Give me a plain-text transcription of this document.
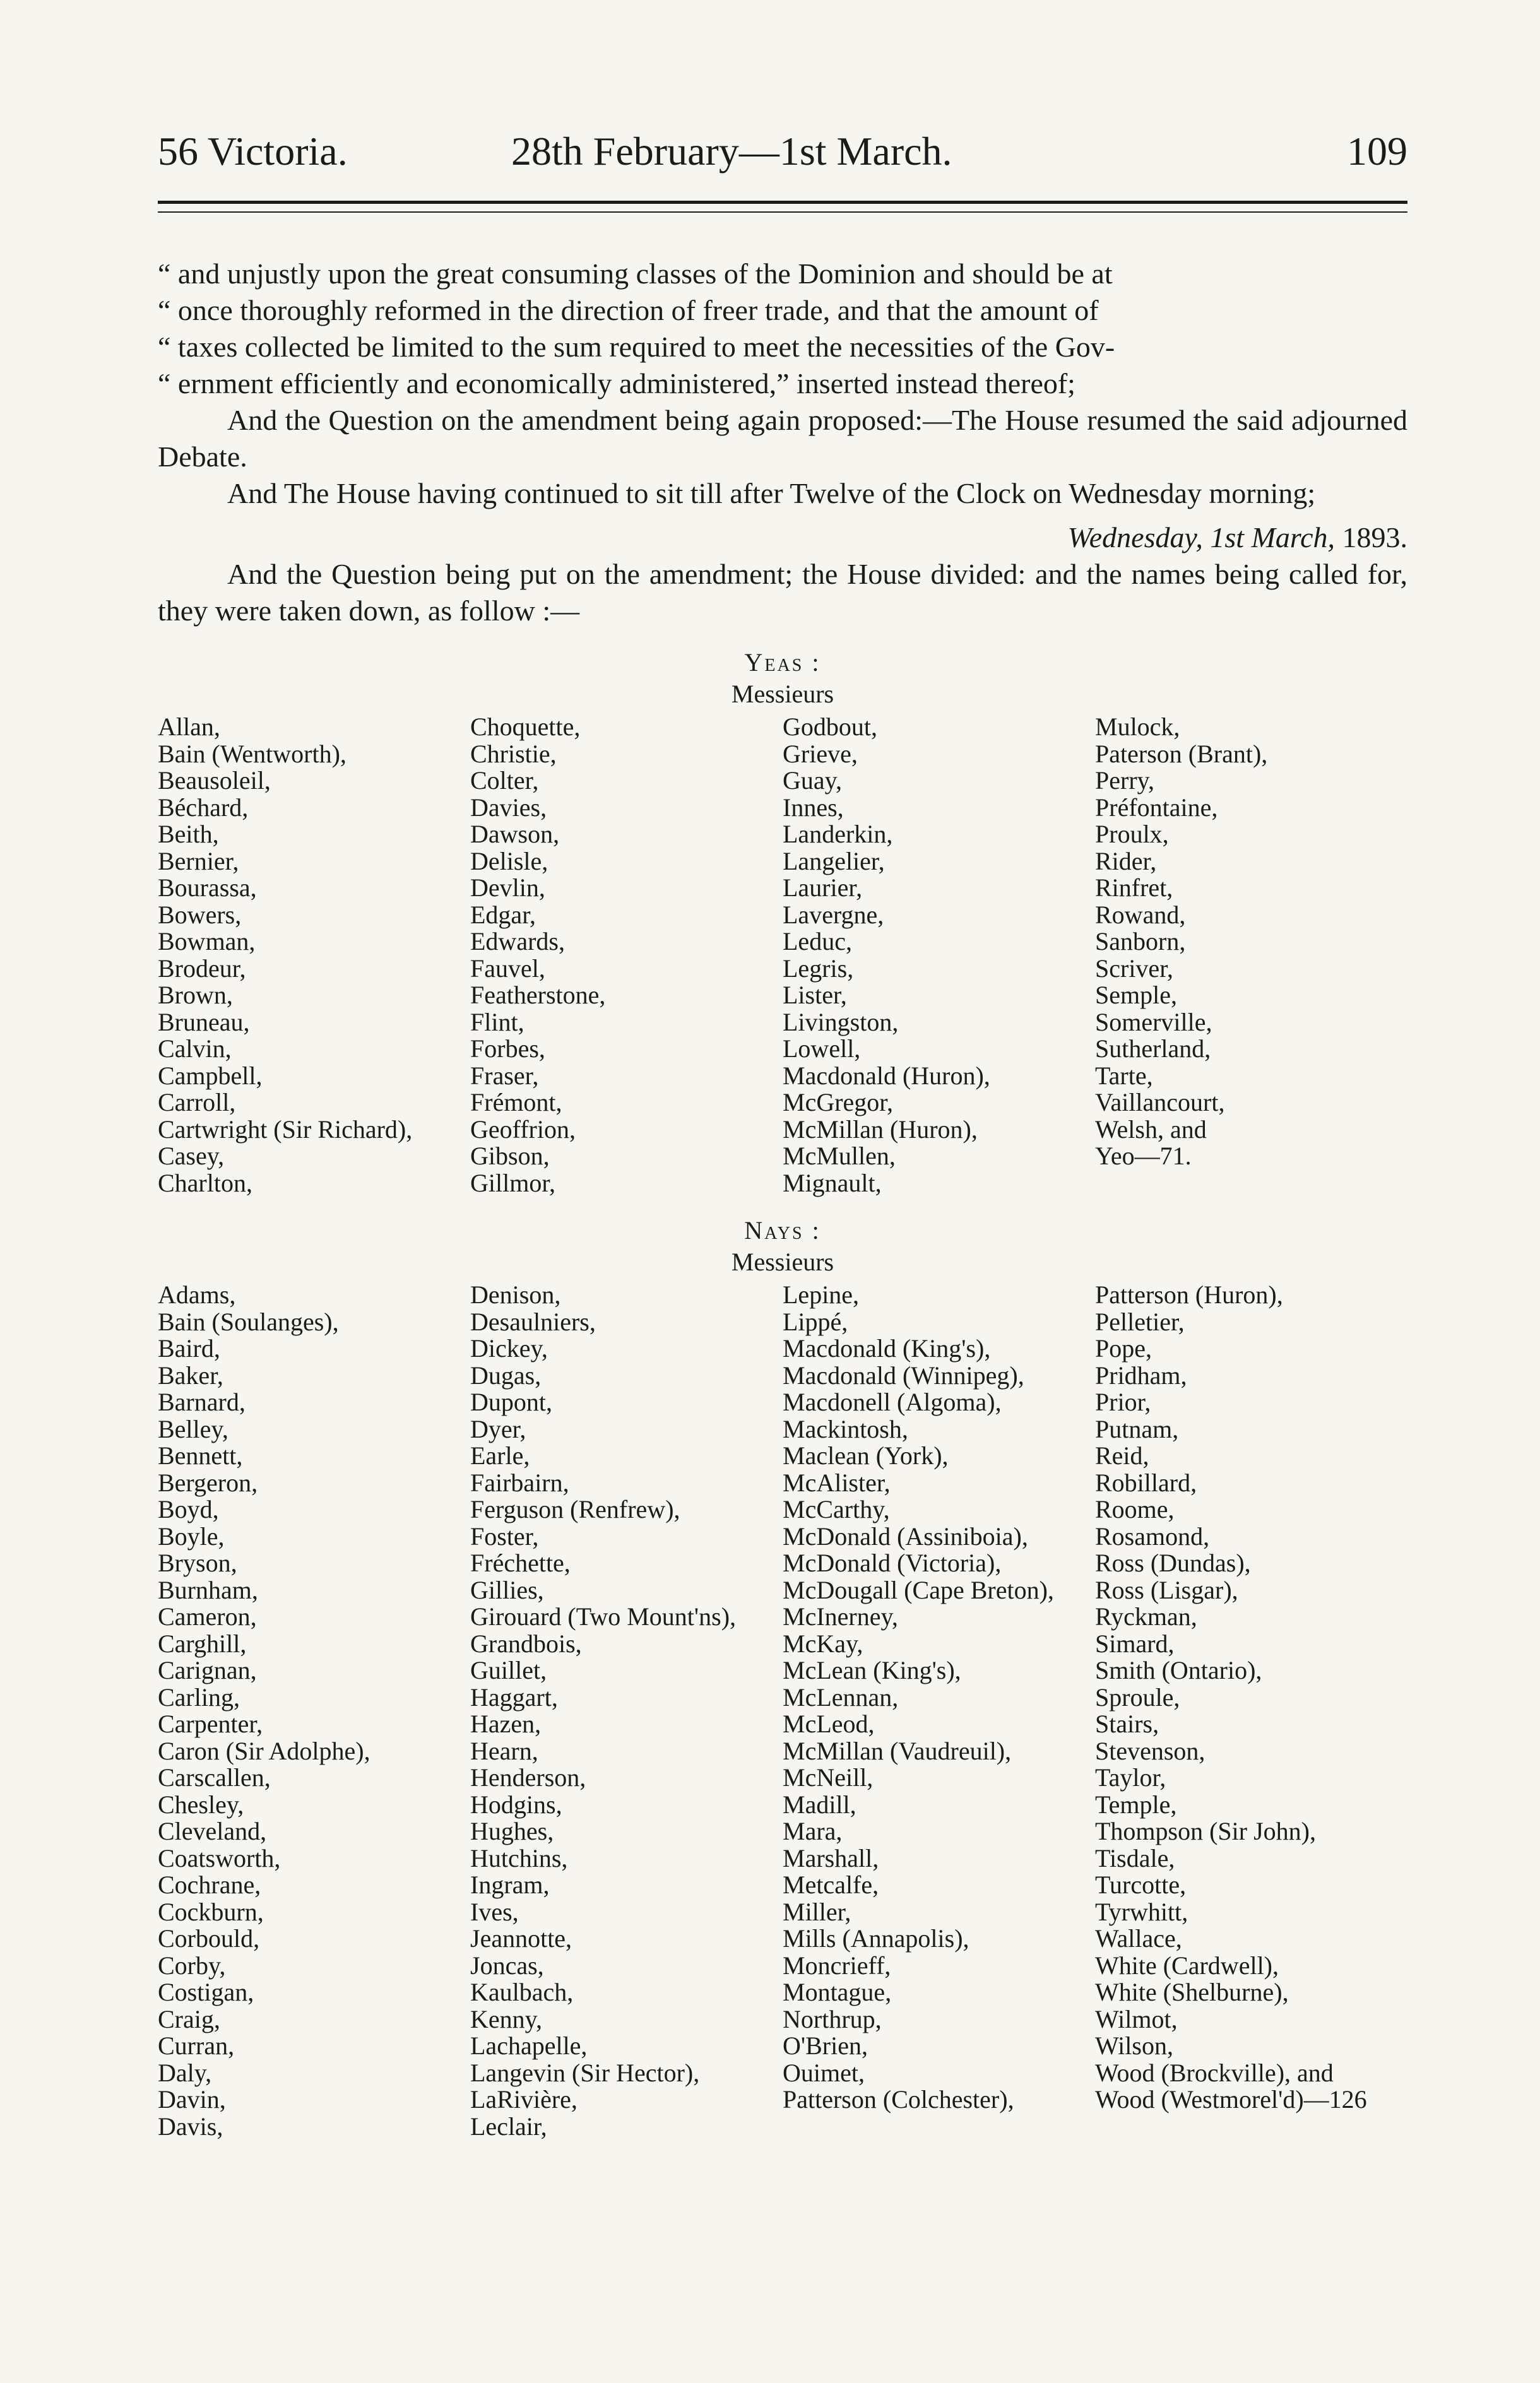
56 Victoria.	28th February—1st March.	109

“ and unjustly upon the great consuming classes of the Dominion and should be at

“ once thoroughly reformed in the direction of freer trade, and that the amount of

“ taxes collected be limited to the sum required to meet the necessities of the Gov-

“ ernment efficiently and economically administered,” inserted instead thereof;

And the Question on the amendment being again proposed:—The House resumed the said adjourned Debate.

And The House having continued to sit till after Twelve of the Clock on Wednesday morning;

Wednesday, 1st March, 1893.

And the Question being put on the amendment; the House divided: and the names being called for, they were taken down, as follow :—

Yeas :

Messieurs

Allan,
Bain (Wentworth),
Beausoleil,
Béchard,
Beith,
Bernier,
Bourassa,
Bowers,
Bowman,
Brodeur,
Brown,
Bruneau,
Calvin,
Campbell,
Carroll,
Cartwright (Sir Richard),
Casey,
Charlton,
Choquette,
Christie,
Colter,
Davies,
Dawson,
Delisle,
Devlin,
Edgar,
Edwards,
Fauvel,
Featherstone,
Flint,
Forbes,
Fraser,
Frémont,
Geoffrion,
Gibson,
Gillmor,
Godbout,
Grieve,
Guay,
Innes,
Landerkin,
Langelier,
Laurier,
Lavergne,
Leduc,
Legris,
Lister,
Livingston,
Lowell,
Macdonald (Huron),
McGregor,
McMillan (Huron),
McMullen,
Mignault,
Mulock,
Paterson (Brant),
Perry,
Préfontaine,
Proulx,
Rider,
Rinfret,
Rowand,
Sanborn,
Scriver,
Semple,
Somerville,
Sutherland,
Tarte,
Vaillancourt,
Welsh, and
Yeo—71.

Nays :

Messieurs

Adams,
Bain (Soulanges),
Baird,
Baker,
Barnard,
Belley,
Bennett,
Bergeron,
Boyd,
Boyle,
Bryson,
Burnham,
Cameron,
Carghill,
Carignan,
Carling,
Carpenter,
Caron (Sir Adolphe),
Carscallen,
Chesley,
Cleveland,
Coatsworth,
Cochrane,
Cockburn,
Corbould,
Corby,
Costigan,
Craig,
Curran,
Daly,
Davin,
Davis,
Denison,
Desaulniers,
Dickey,
Dugas,
Dupont,
Dyer,
Earle,
Fairbairn,
Ferguson (Renfrew),
Foster,
Fréchette,
Gillies,
Girouard (Two Mount'ns),
Grandbois,
Guillet,
Haggart,
Hazen,
Hearn,
Henderson,
Hodgins,
Hughes,
Hutchins,
Ingram,
Ives,
Jeannotte,
Joncas,
Kaulbach,
Kenny,
Lachapelle,
Langevin (Sir Hector),
LaRivière,
Leclair,
Lepine,
Lippé,
Macdonald (King's),
Macdonald (Winnipeg),
Macdonell (Algoma),
Mackintosh,
Maclean (York),
McAlister,
McCarthy,
McDonald (Assiniboia),
McDonald (Victoria),
McDougall (Cape Breton),
McInerney,
McKay,
McLean (King's),
McLennan,
McLeod,
McMillan (Vaudreuil),
McNeill,
Madill,
Mara,
Marshall,
Metcalfe,
Miller,
Mills (Annapolis),
Moncrieff,
Montague,
Northrup,
O'Brien,
Ouimet,
Patterson (Colchester),
Patterson (Huron),
Pelletier,
Pope,
Pridham,
Prior,
Putnam,
Reid,
Robillard,
Roome,
Rosamond,
Ross (Dundas),
Ross (Lisgar),
Ryckman,
Simard,
Smith (Ontario),
Sproule,
Stairs,
Stevenson,
Taylor,
Temple,
Thompson (Sir John),
Tisdale,
Turcotte,
Tyrwhitt,
Wallace,
White (Cardwell),
White (Shelburne),
Wilmot,
Wilson,
Wood (Brockville), and
Wood (Westmorel'd)—126
